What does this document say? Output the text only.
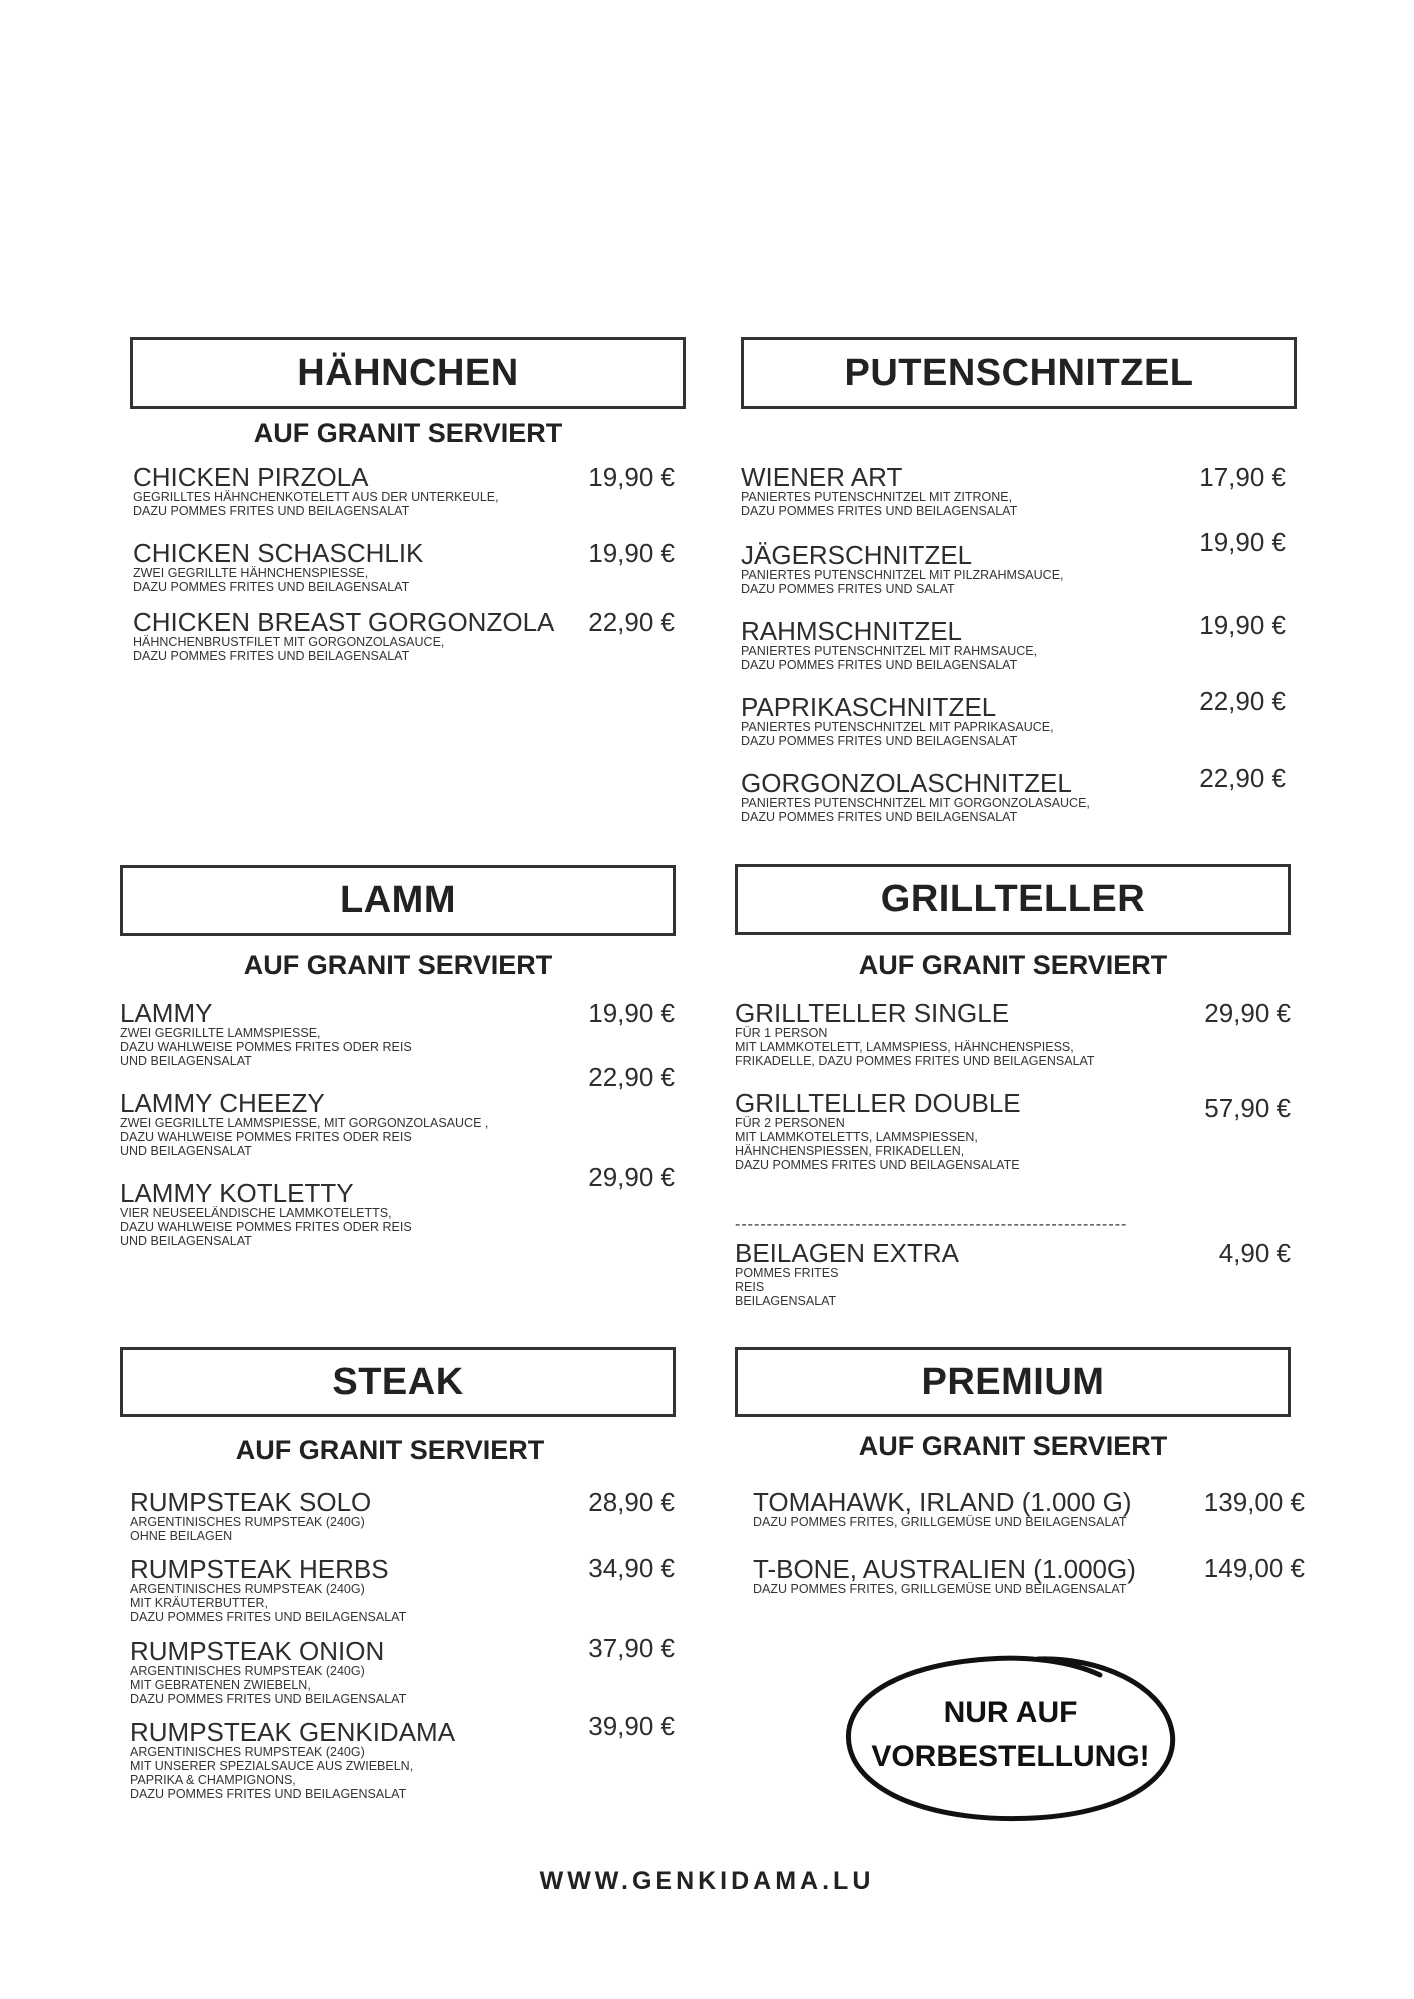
HÄHNCHEN
AUF GRANIT SERVIERT
PUTENSCHNITZEL
LAMM
AUF GRANIT SERVIERT
GRILLTELLER
AUF GRANIT SERVIERT
STEAK
AUF GRANIT SERVIERT
PREMIUM
AUF GRANIT SERVIERT
CHICKEN PIRZOLA
GEGRILLTES HÄHNCHENKOTELETT AUS DER UNTERKEULE,
DAZU POMMES FRITES UND BEILAGENSALAT
19,90 €
CHICKEN SCHASCHLIK
ZWEI GEGRILLTE HÄHNCHENSPIESSE,
DAZU POMMES FRITES UND BEILAGENSALAT
19,90 €
CHICKEN BREAST GORGONZOLA
HÄHNCHENBRUSTFILET MIT GORGONZOLASAUCE,
DAZU POMMES FRITES UND BEILAGENSALAT
22,90 €
WIENER ART
PANIERTES PUTENSCHNITZEL MIT ZITRONE,
DAZU POMMES FRITES UND BEILAGENSALAT
17,90 €
JÄGERSCHNITZEL
PANIERTES PUTENSCHNITZEL MIT PILZRAHMSAUCE,
DAZU POMMES FRITES UND SALAT
19,90 €
RAHMSCHNITZEL
PANIERTES PUTENSCHNITZEL MIT RAHMSAUCE,
DAZU POMMES FRITES UND BEILAGENSALAT
19,90 €
PAPRIKASCHNITZEL
PANIERTES PUTENSCHNITZEL MIT PAPRIKASAUCE,
DAZU POMMES FRITES UND BEILAGENSALAT
22,90 €
GORGONZOLASCHNITZEL
PANIERTES PUTENSCHNITZEL MIT GORGONZOLASAUCE,
DAZU POMMES FRITES UND BEILAGENSALAT
22,90 €
LAMMY
ZWEI GEGRILLTE LAMMSPIESSE,
DAZU WAHLWEISE POMMES FRITES ODER REIS
UND BEILAGENSALAT
19,90 €
LAMMY CHEEZY
ZWEI GEGRILLTE LAMMSPIESSE, MIT GORGONZOLASAUCE ,
DAZU WAHLWEISE POMMES FRITES ODER REIS
UND BEILAGENSALAT
22,90 €
LAMMY KOTLETTY
VIER NEUSEELÄNDISCHE LAMMKOTELETTS,
DAZU WAHLWEISE POMMES FRITES ODER REIS
UND BEILAGENSALAT
29,90 €
GRILLTELLER SINGLE
FÜR 1 PERSON
MIT LAMMKOTELETT, LAMMSPIESS, HÄHNCHENSPIESS,
FRIKADELLE, DAZU POMMES FRITES UND BEILAGENSALAT
29,90 €
GRILLTELLER DOUBLE
FÜR 2 PERSONEN
MIT LAMMKOTELETTS, LAMMSPIESSEN,
HÄHNCHENSPIESSEN, FRIKADELLEN,
DAZU POMMES FRITES UND BEILAGENSALATE
57,90 €
--------------------------------------------------------------
BEILAGEN EXTRA
POMMES FRITES
REIS
BEILAGENSALAT
4,90 €
RUMPSTEAK SOLO
ARGENTINISCHES RUMPSTEAK (240G)
OHNE BEILAGEN
28,90 €
RUMPSTEAK HERBS
ARGENTINISCHES RUMPSTEAK (240G)
MIT KRÄUTERBUTTER,
DAZU POMMES FRITES UND BEILAGENSALAT
34,90 €
RUMPSTEAK ONION
ARGENTINISCHES RUMPSTEAK (240G)
MIT GEBRATENEN ZWIEBELN,
DAZU POMMES FRITES UND BEILAGENSALAT
37,90 €
RUMPSTEAK GENKIDAMA
ARGENTINISCHES RUMPSTEAK (240G)
MIT UNSERER SPEZIALSAUCE AUS ZWIEBELN,
PAPRIKA & CHAMPIGNONS,
DAZU POMMES FRITES UND BEILAGENSALAT
39,90 €
TOMAHAWK, IRLAND (1.000 G)
DAZU POMMES FRITES, GRILLGEMÜSE UND BEILAGENSALAT
139,00 €
T-BONE, AUSTRALIEN (1.000G)
DAZU POMMES FRITES, GRILLGEMÜSE UND BEILAGENSALAT
149,00 €
NUR AUF
VORBESTELLUNG!
WWW.GENKIDAMA.LU
